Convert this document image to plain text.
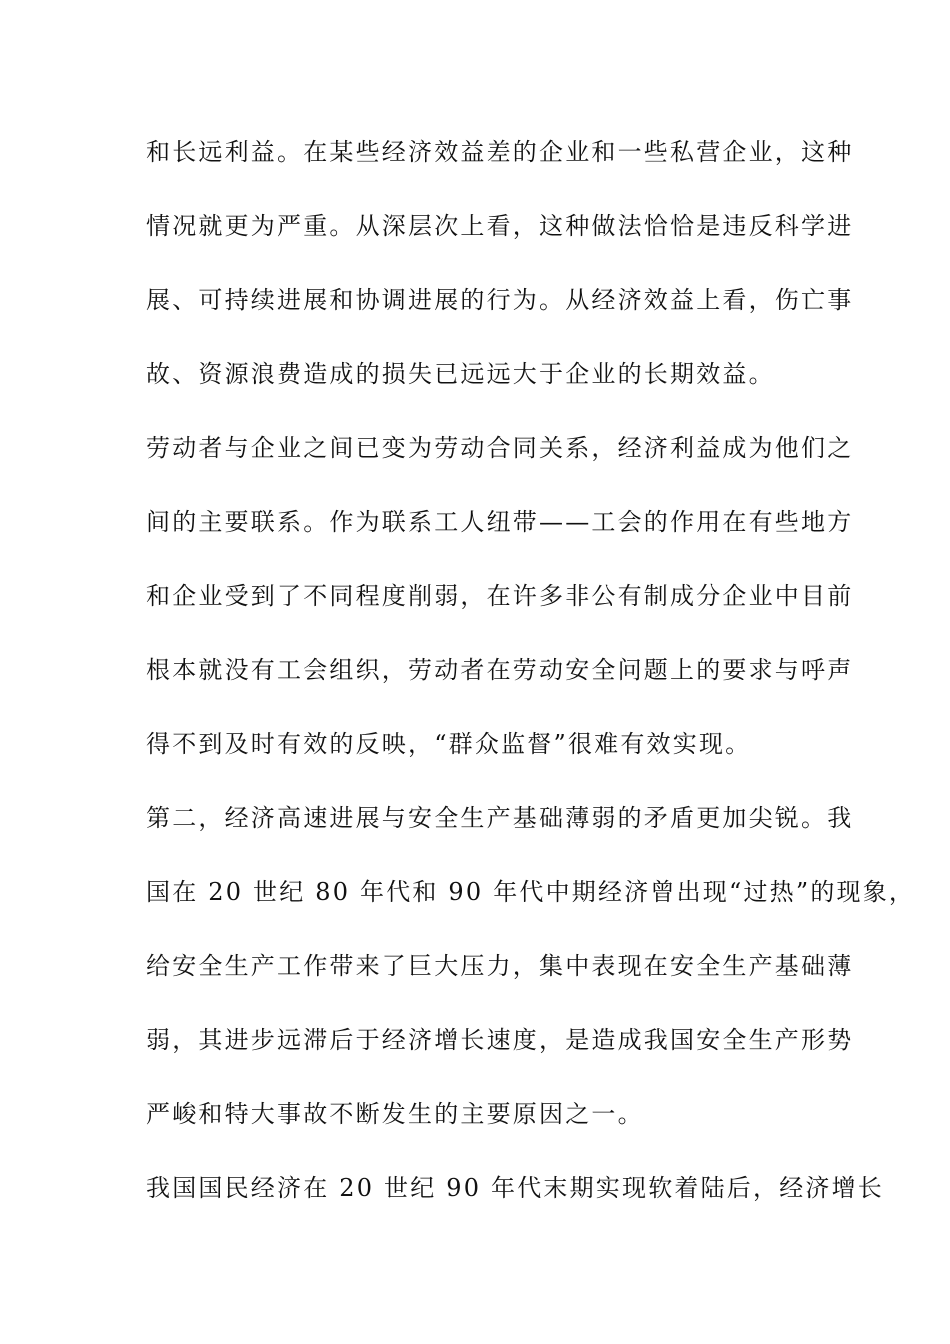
和长远利益。在某些经济效益差的企业和一些私营企业，这种
情况就更为严重。从深层次上看，这种做法恰恰是违反科学进
展、可持续进展和协调进展的行为。从经济效益上看，伤亡事
故、资源浪费造成的损失已远远大于企业的长期效益。
劳动者与企业之间已变为劳动合同关系，经济利益成为他们之
间的主要联系。作为联系工人纽带——工会的作用在有些地方
和企业受到了不同程度削弱，在许多非公有制成分企业中目前
根本就没有工会组织，劳动者在劳动安全问题上的要求与呼声
得不到及时有效的反映，“群众监督”很难有效实现。
第二，经济高速进展与安全生产基础薄弱的矛盾更加尖锐。我
国在 20 世纪 80 年代和 90 年代中期经济曾出现“过热”的现象，
给安全生产工作带来了巨大压力，集中表现在安全生产基础薄
弱，其进步远滞后于经济增长速度，是造成我国安全生产形势
严峻和特大事故不断发生的主要原因之一。
我国国民经济在 20 世纪 90 年代末期实现软着陆后，经济增长
